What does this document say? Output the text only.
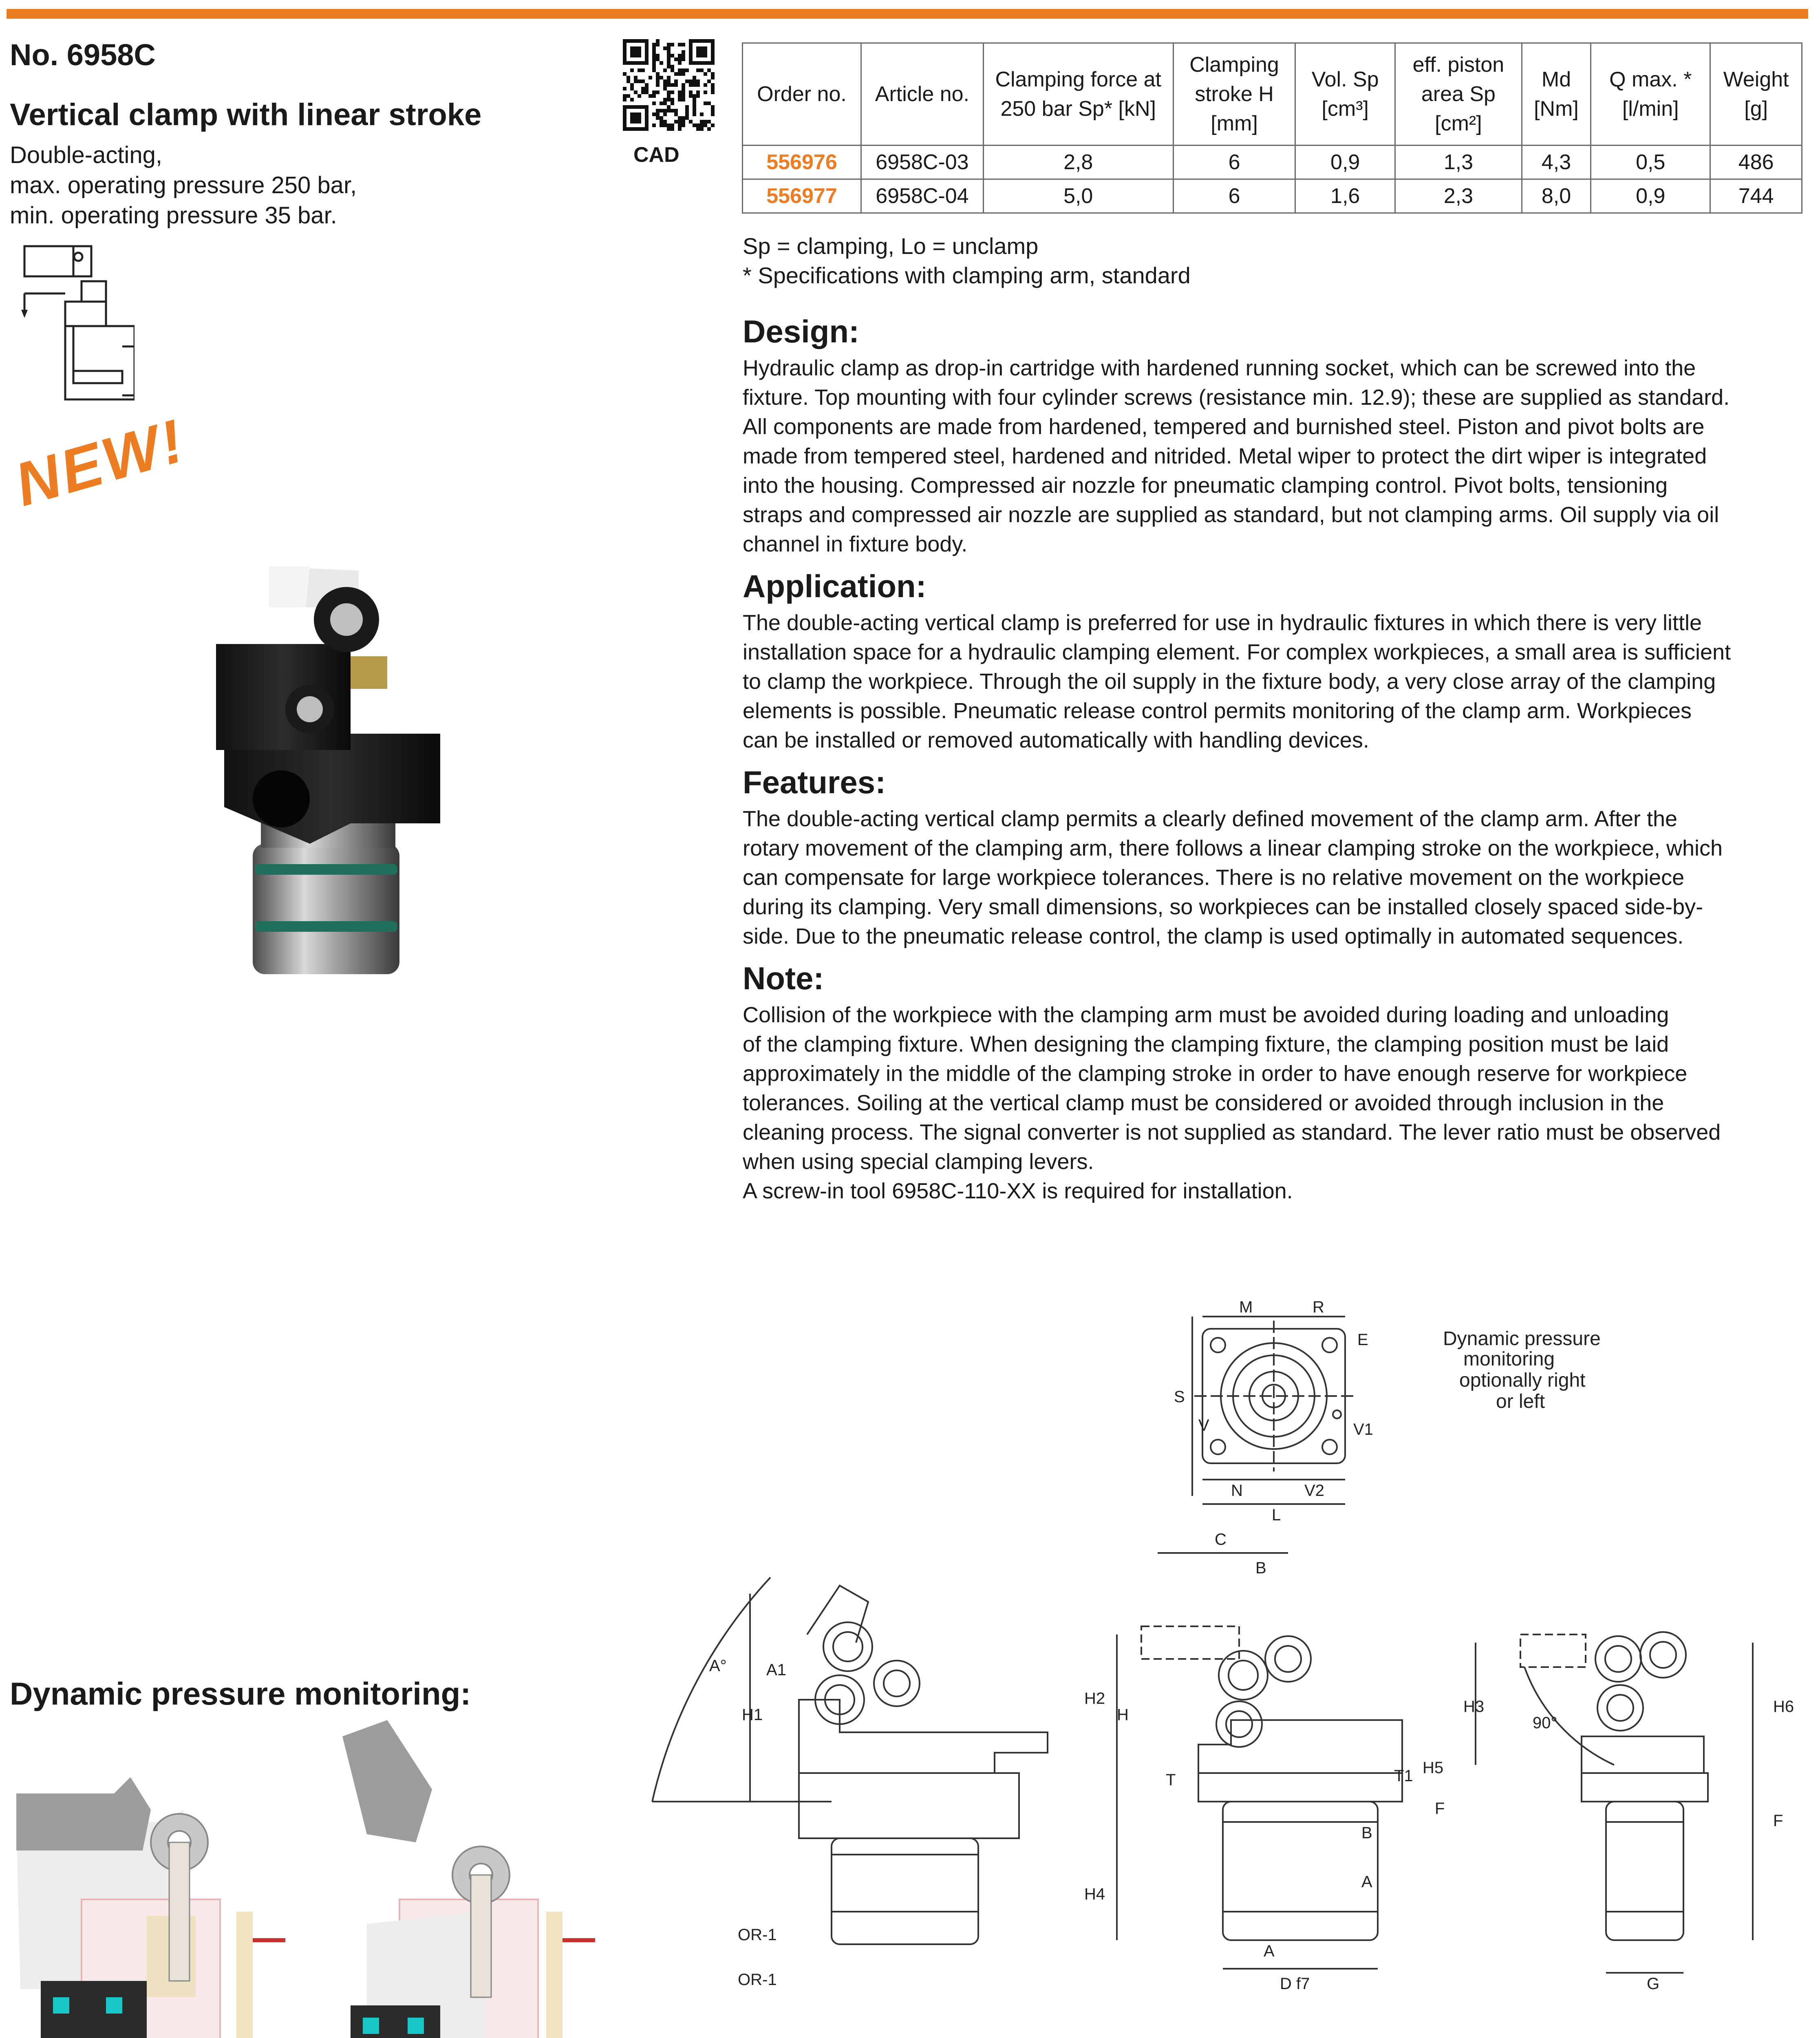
No. 6958C
Vertical clamp with linear stroke
Double-acting,
max. operating pressure 250 bar,
min. operating pressure 35 bar.
NEW!
CAD
Order no.	Article no.	Clamping force at 250 bar Sp* [kN]	Clamping stroke H [mm]	Vol. Sp [cm³]	eff. piston area Sp [cm²]	Md [Nm]	Q max. * [l/min]	Weight [g]
556976	6958C-03	2,8	6	0,9	1,3	4,3	0,5	486
556977	6958C-04	5,0	6	1,6	2,3	8,0	0,9	744
Sp = clamping, Lo = unclamp
* Specifications with clamping arm, standard
Design:
Hydraulic clamp as drop-in cartridge with hardened running socket, which can be screwed into the
fixture. Top mounting with four cylinder screws (resistance min. 12.9); these are supplied as standard.
All components are made from hardened, tempered and burnished steel. Piston and pivot bolts are
made from tempered steel, hardened and nitrided. Metal wiper to protect the dirt wiper is integrated
into the housing. Compressed air nozzle for pneumatic clamping control. Pivot bolts, tensioning
straps and compressed air nozzle are supplied as standard, but not clamping arms. Oil supply via oil
channel in fixture body.
Application:
The double-acting vertical clamp is preferred for use in hydraulic fixtures in which there is very little
installation space for a hydraulic clamping element. For complex workpieces, a small area is sufficient
to clamp the workpiece. Through the oil supply in the fixture body, a very close array of the clamping
elements is possible. Pneumatic release control permits monitoring of the clamp arm. Workpieces
can be installed or removed automatically with handling devices.
Features:
The double-acting vertical clamp permits a clearly defined movement of the clamp arm. After the
rotary movement of the clamping arm, there follows a linear clamping stroke on the workpiece, which
can compensate for large workpiece tolerances. There is no relative movement on the workpiece
during its clamping. Very small dimensions, so workpieces can be installed closely spaced side-by-
side. Due to the pneumatic release control, the clamp is used optimally in automated sequences.
Note:
Collision of the workpiece with the clamping arm must be avoided during loading and unloading
of the clamping fixture. When designing the clamping fixture, the clamping position must be laid
approximately in the middle of the clamping stroke in order to have enough reserve for workpiece
tolerances. Soiling at the vertical clamp must be considered or avoided through inclusion in the
cleaning process. The signal converter is not supplied as standard. The lever ratio must be observed
when using special clamping levers.
A screw-in tool 6958C-110-XX is required for installation.
M	R
E
S
V	V1
N	V2
L
Dynamic pressure
monitoring
optionally right
or left
A° A1
H1
OR-1
OR-1
C
B
H
H2	H3
H4
H5
T	T1
F
D f7
A
B
A
H6
F
G
90°
Dynamic pressure monitoring:
